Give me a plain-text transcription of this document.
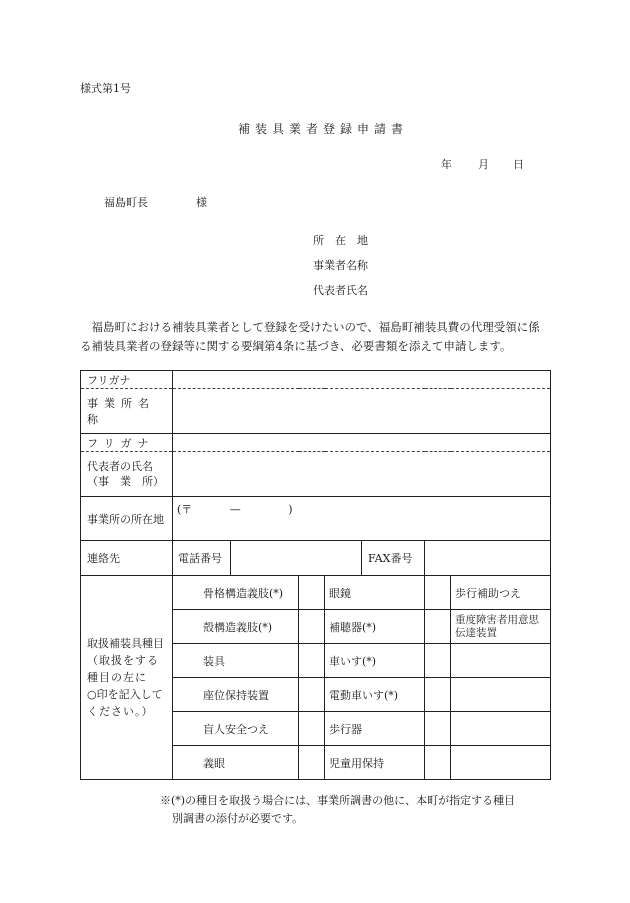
様式第1号
補装具業者登録申請書
年 月 日
福島町長	様
所　在　地
事業者名称
代表者氏名
福島町における補装具業者として登録を受けたいので、福島町補装具費の代理受領に係
る補装具業者の登録等に関する要綱第4条に基づき、必要書類を添えて申請します。
フリガナ					

事業所名称					
フリガナ					

代表者の氏名
（事　業　所）					

事業所の所在地	(〒 — )				

連絡先	電話番号 FAX番号				

取扱補装具種目
（取扱をする
種目の左に
○印を記入して
ください。）	骨格構造義肢(*)		眼鏡		歩行補助つえ
	殻構造義肢(*)		補聴器(*)		重度障害者用意思伝達装置
	装具		車いす(*)		
	座位保持装置		電動車いす(*)		
	盲人安全つえ		歩行器		
	義眼		児童用保持		
※(*)の種目を取扱う場合には、事業所調書の他に、本町が指定する種目
別調書の添付が必要です。
